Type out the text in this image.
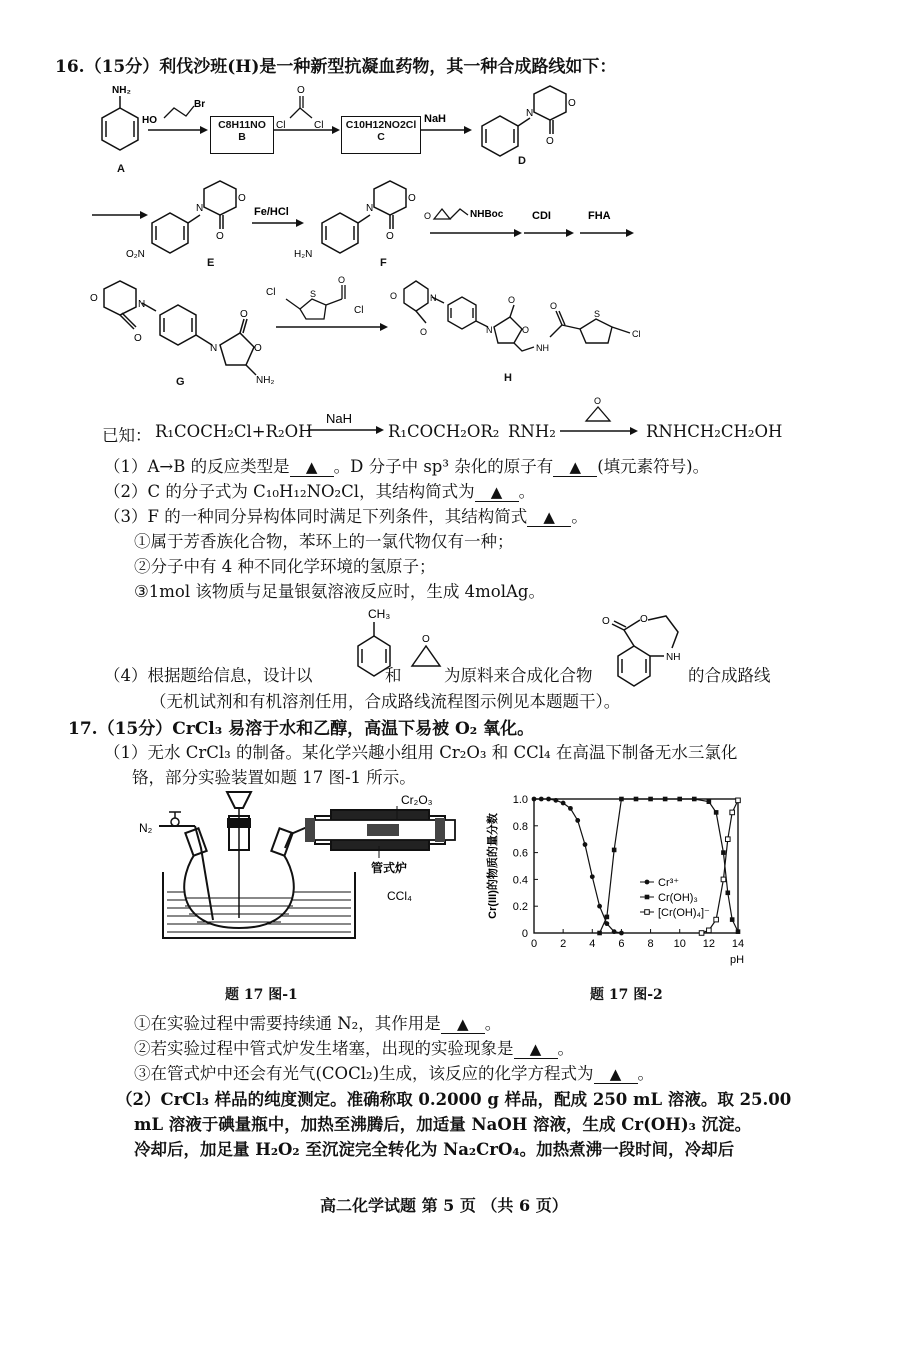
16.（15分）利伐沙班(H)是一种新型抗凝血药物，其一种合成路线如下：
NH₂
HO
Br
O
Cl	Cl
NaH	N
O
O
C8H11NO
B
C10H12NO2Cl
C
A
D
N
O
O
O₂N
Fe/HCl	N
O
O
H₂N
O	NHBoc	CDI	FHA
E	F
O
N
O
N
O
O
NH₂
Cl	S
O
Cl
O	N
O	N
O
O
NH
O
S
Cl
G	H
已知： R₁COCH₂Cl+R₂OH
NaH
R₁COCH₂OR₂ RNH₂
O
RNHCH₂CH₂OH
（1）A→B 的反应类型是 ▲ 。D 分子中 sp³ 杂化的原子有 ▲ (填元素符号)。
（2）C 的分子式为 C₁₀H₁₂NO₂Cl，其结构简式为 ▲ 。
（3）F 的一种同分异构体同时满足下列条件，其结构简式 ▲ 。
①属于芳香族化合物，苯环上的一氯代物仅有一种；
②分子中有 4 种不同化学环境的氢原子；
③1mol 该物质与足量银氨溶液反应时，生成 4molAg。
CH₃
O
O	O
NH
（4）根据题给信息，设计以	和	为原料来合成化合物	的合成路线
（无机试剂和有机溶剂任用，合成路线流程图示例见本题题干）。
17.（15分）CrCl₃ 易溶于水和乙醇，高温下易被 O₂ 氧化。
（1）无水 CrCl₃ 的制备。某化学兴趣小组用 Cr₂O₃ 和 CCl₄ 在高温下制备无水三氯化
铬，部分实验装置如题 17 图-1 所示。
N₂
Cr₂O₃
管式炉
CCl₄
题 17 图-1
0 2 4 6 8 10 12 14
0
0.2
0.4
0.6
0.8
1.0
pH
Cr(III)的物质的量分数	Cr³⁺
Cr(OH)₃
[Cr(OH)₄]⁻
题 17 图-2
①在实验过程中需要持续通 N₂，其作用是 ▲ 。
②若实验过程中管式炉发生堵塞，出现的实验现象是 ▲ 。
③在管式炉中还会有光气(COCl₂)生成，该反应的化学方程式为 ▲ 。
（2）CrCl₃ 样品的纯度测定。准确称取 0.2000 g 样品，配成 250 mL 溶液。取 25.00
mL 溶液于碘量瓶中，加热至沸腾后，加适量 NaOH 溶液，生成 Cr(OH)₃ 沉淀。
冷却后，加足量 H₂O₂ 至沉淀完全转化为 Na₂CrO₄。加热煮沸一段时间，冷却后
高二化学试题 第 5 页 （共 6 页）
